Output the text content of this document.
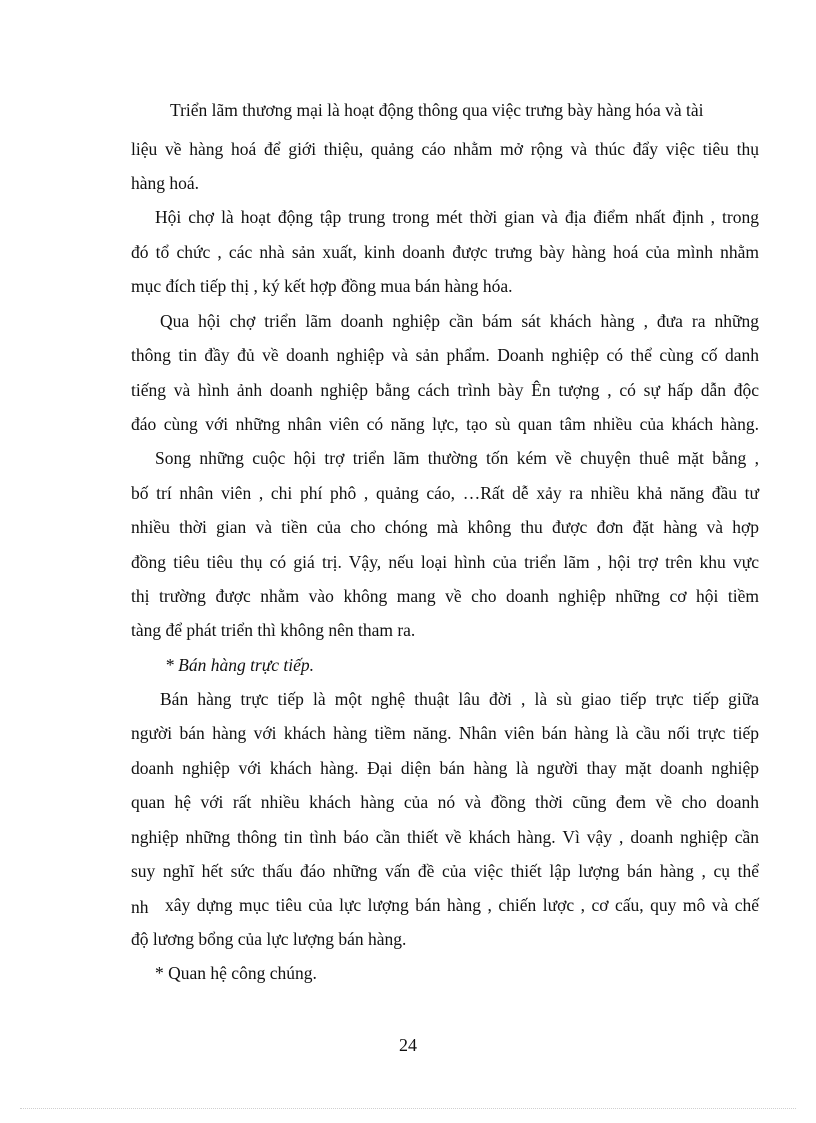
Triển lãm thương mại là hoạt động thông qua việc trưng bày hàng hóa và tài
liệu về hàng hoá để giới thiệu, quảng cáo nhằm mở rộng và thúc đẩy việc tiêu thụ
hàng hoá.
Hội chợ là hoạt động tập trung trong mét thời gian và địa điểm nhất định , trong
đó tổ chức , các nhà sản xuất, kinh doanh được trưng bày hàng hoá của mình nhằm
mục đích tiếp thị , ký kết hợp đồng mua bán hàng hóa.
Qua hội chợ triển lãm doanh nghiệp cần bám sát khách hàng , đưa ra những
thông tin đầy đủ về doanh nghiệp và sản phẩm. Doanh nghiệp có thể cùng cố danh
tiếng và hình ảnh doanh nghiệp bằng cách trình bày Ên tượng , có sự hấp dẫn độc
đáo cùng với những nhân viên có năng lực, tạo sù quan tâm nhiều của khách hàng.
Song những cuộc hội trợ triển lãm thường tốn kém về chuyện thuê mặt bằng ,
bố trí nhân viên , chi phí phô , quảng cáo, …Rất dễ xảy ra nhiều khả năng đầu tư
nhiều thời gian và tiền của cho chóng mà không thu được đơn đặt hàng và hợp
đồng tiêu tiêu thụ có giá trị. Vậy, nếu loại hình của triển lãm , hội trợ trên khu vực
thị trường được nhằm vào không mang về cho doanh nghiệp những cơ hội tiềm
tàng để phát triển thì không nên tham ra.
* Bán hàng trực tiếp.
Bán hàng trực tiếp là một nghệ thuật lâu đời , là sù giao tiếp trực tiếp giữa
người bán hàng với khách hàng tiềm năng. Nhân viên bán hàng là cầu nối trực tiếp
doanh nghiệp với khách hàng. Đại diện bán hàng là người thay mặt doanh nghiệp
quan hệ với rất nhiều khách hàng của nó và đồng thời cũng đem về cho doanh
nghiệp những thông tin tình báo cần thiết về khách hàng. Vì vậy , doanh nghiệp cần
suy nghĩ hết sức thấu đáo những vấn đề của việc thiết lập lượng bán hàng , cụ thể
nh xây dựng mục tiêu của lực lượng bán hàng , chiến lược , cơ cấu, quy mô và chế
độ lương bổng của lực lượng bán hàng.
* Quan hệ công chúng.
24
